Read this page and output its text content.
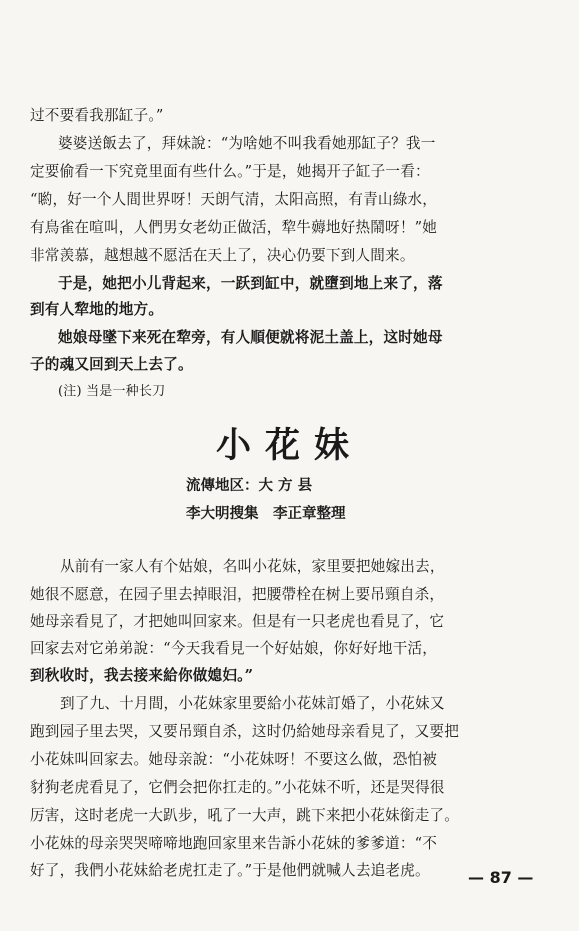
过不要看我那缸子。”
婆婆送飯去了，拜妹說：“为啥她不叫我看她那缸子？我一
定要偷看一下究竟里面有些什么。”于是，她揭开子缸子一看：
“喲，好一个人間世界呀！天朗气清，太阳高照，有青山綠水，
有鳥雀在喧叫，人們男女老幼正做活，犂牛薅地好热鬧呀！”她
非常羡慕，越想越不愿活在天上了，决心仍要下到人間来。
于是，她把小儿背起来，一跃到缸中，就墮到地上来了，落
到有人犂地的地方。
她娘母墜下来死在犂旁，有人順便就将泥土盖上，这时她母
子的魂又回到天上去了。
(注) 当是一种长刀
小花妹
流傳地区：大 方 县
李大明搜集　李正章整理
从前有一家人有个姑娘，名叫小花妹，家里要把她嫁出去，
她很不愿意，在园子里去掉眼泪，把腰帶栓在树上要吊頸自杀，
她母亲看見了，才把她叫回家来。但是有一只老虎也看見了，它
回家去对它弟弟說：“今天我看見一个好姑娘，你好好地干活，
到秋收时，我去接来給你做媳妇。”
到了九、十月間，小花妹家里要給小花妹訂婚了，小花妹又
跑到园子里去哭，又要吊頸自杀，这时仍給她母亲看見了，又要把
小花妹叫回家去。她母亲說：“小花妹呀！不要这么做，恐怕被
豺狗老虎看見了，它們会把你扛走的。”小花妹不听，还是哭得很
厉害，这时老虎一大趴步，吼了一大声，跳下来把小花妹銜走了。
小花妹的母亲哭哭啼啼地跑回家里来告訴小花妹的爹爹道：“不
好了，我們小花妹給老虎扛走了。”于是他們就喊人去追老虎。 — 87 —
